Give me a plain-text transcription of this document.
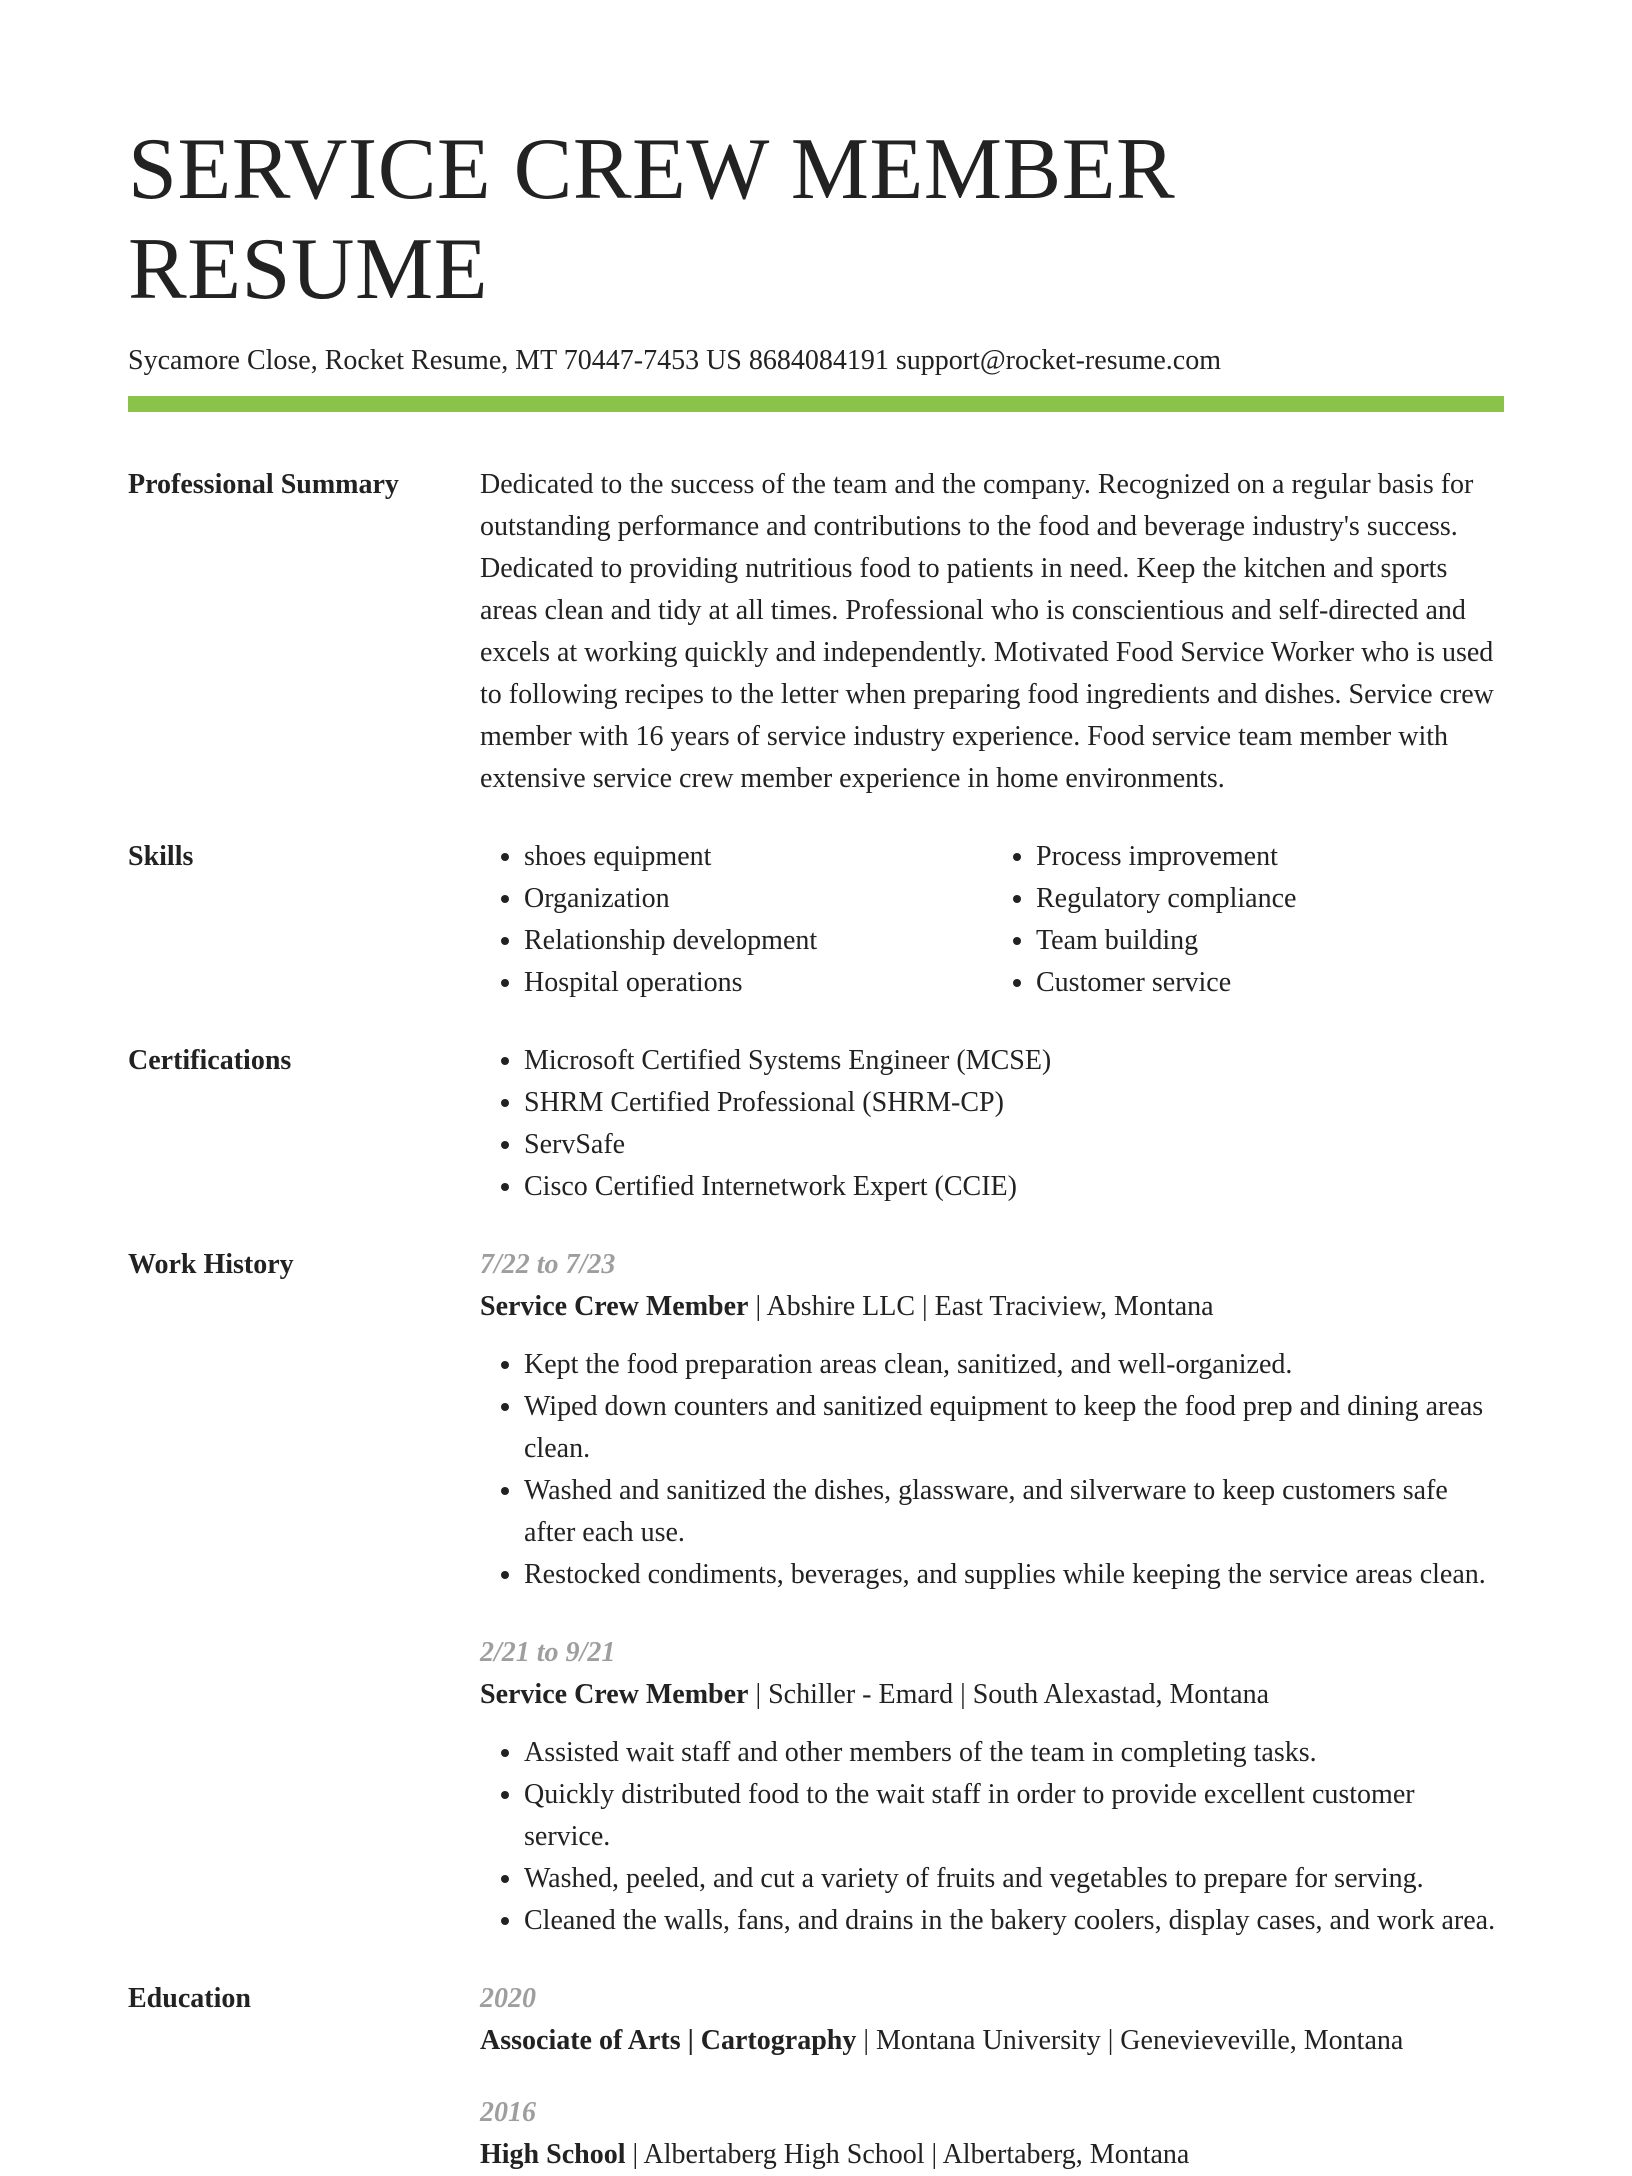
SERVICE CREW MEMBER RESUME
Sycamore Close, Rocket Resume, MT 70447-7453 US 8684084191 support@rocket-resume.com
Professional Summary	Dedicated to the success of the team and the company. Recognized on a regular basis for outstanding performance and contributions to the food and beverage industry's success. Dedicated to providing nutritious food to patients in need. Keep the kitchen and sports areas clean and tidy at all times. Professional who is conscientious and self-directed and excels at working quickly and independently. Motivated Food Service Worker who is used to following recipes to the letter when preparing food ingredients and dishes. Service crew member with 16 years of service industry experience. Food service team member with extensive service crew member experience in home environments.

Skills	• shoes equipment
• Organization
• Relationship development
• Hospital operations
• Process improvement
• Regulatory compliance
• Team building
• Customer service
Certifications	• Microsoft Certified Systems Engineer (MCSE)
• SHRM Certified Professional (SHRM-CP)
• ServSafe
• Cisco Certified Internetwork Expert (CCIE)
Work History	7/22 to 7/23
Service Crew Member | Abshire LLC | East Traciview, Montana
• Kept the food preparation areas clean, sanitized, and well-organized.
• Wiped down counters and sanitized equipment to keep the food prep and dining areas clean.
• Washed and sanitized the dishes, glassware, and silverware to keep customers safe after each use.
• Restocked condiments, beverages, and supplies while keeping the service areas clean.
2/21 to 9/21
Service Crew Member | Schiller - Emard | South Alexastad, Montana
• Assisted wait staff and other members of the team in completing tasks.
• Quickly distributed food to the wait staff in order to provide excellent customer service.
• Washed, peeled, and cut a variety of fruits and vegetables to prepare for serving.
• Cleaned the walls, fans, and drains in the bakery coolers, display cases, and work area.
Education	2020
Associate of Arts | Cartography | Montana University | Genevieveville, Montana
2016
High School | Albertaberg High School | Albertaberg, Montana
